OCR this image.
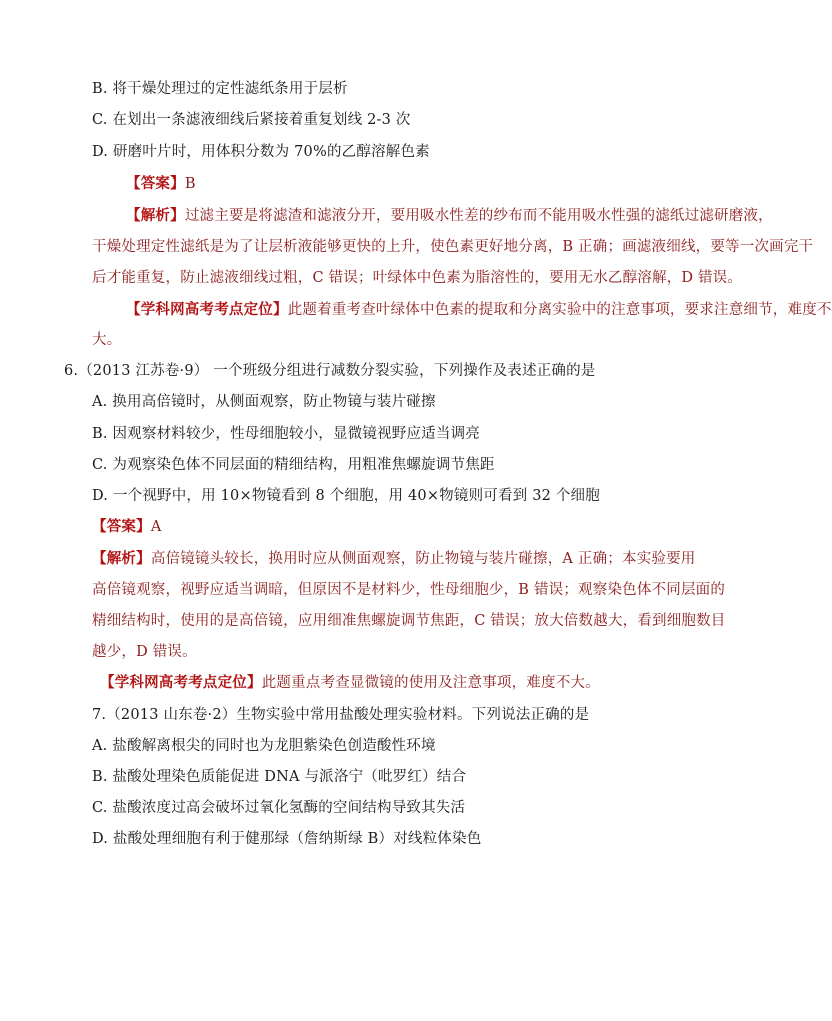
B. 将干燥处理过的定性滤纸条用于层析
C. 在划出一条滤液细线后紧接着重复划线 2-3 次
D. 研磨叶片时，用体积分数为 70%的乙醇溶解色素
【答案】B
【解析】过滤主要是将滤渣和滤液分开，要用吸水性差的纱布而不能用吸水性强的滤纸过滤研磨液，
干燥处理定性滤纸是为了让层析液能够更快的上升，使色素更好地分离，B 正确；画滤液细线，要等一次画完干
后才能重复，防止滤液细线过粗，C 错误；叶绿体中色素为脂溶性的，要用无水乙醇溶解，D 错误。
【学科网高考考点定位】此题着重考查叶绿体中色素的提取和分离实验中的注意事项，要求注意细节，难度不
大。
6.（2013 江苏卷·9） 一个班级分组进行减数分裂实验，下列操作及表述正确的是
A. 换用高倍镜时，从侧面观察，防止物镜与装片碰擦
B. 因观察材料较少，性母细胞较小，显微镜视野应适当调亮
C. 为观察染色体不同层面的精细结构，用粗准焦螺旋调节焦距
D. 一个视野中，用 10×物镜看到 8 个细胞，用 40×物镜则可看到 32 个细胞
【答案】A
【解析】高倍镜镜头较长，换用时应从侧面观察，防止物镜与装片碰擦，A 正确；本实验要用
高倍镜观察，视野应适当调暗，但原因不是材料少，性母细胞少，B 错误；观察染色体不同层面的
精细结构时，使用的是高倍镜，应用细准焦螺旋调节焦距，C 错误；放大倍数越大，看到细胞数目
越少，D 错误。
【学科网高考考点定位】此题重点考查显微镜的使用及注意事项，难度不大。
7.（2013 山东卷·2）生物实验中常用盐酸处理实验材料。下列说法正确的是
A. 盐酸解离根尖的同时也为龙胆紫染色创造酸性环境
B. 盐酸处理染色质能促进 DNA 与派洛宁（吡罗红）结合
C. 盐酸浓度过高会破坏过氧化氢酶的空间结构导致其失活
D. 盐酸处理细胞有利于健那绿（詹纳斯绿 B）对线粒体染色
